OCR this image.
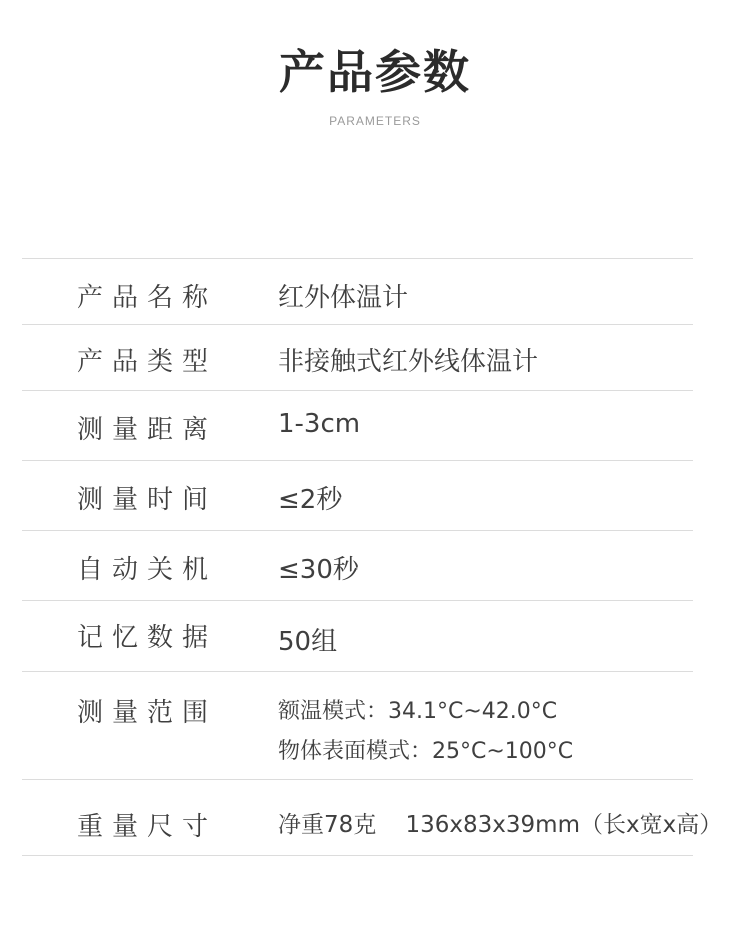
产品参数
PARAMETERS
产品名称 红外体温计
产品类型 非接触式红外线体温计
测量距离 1-3cm
测量时间 ≤2秒
自动关机 ≤30秒
记忆数据 50组
测量范围	额温模式：34.1°C~42.0°C
物体表面模式：25°C~100°C
重量尺寸	净重78克    136x83x39mm（长x宽x高）
